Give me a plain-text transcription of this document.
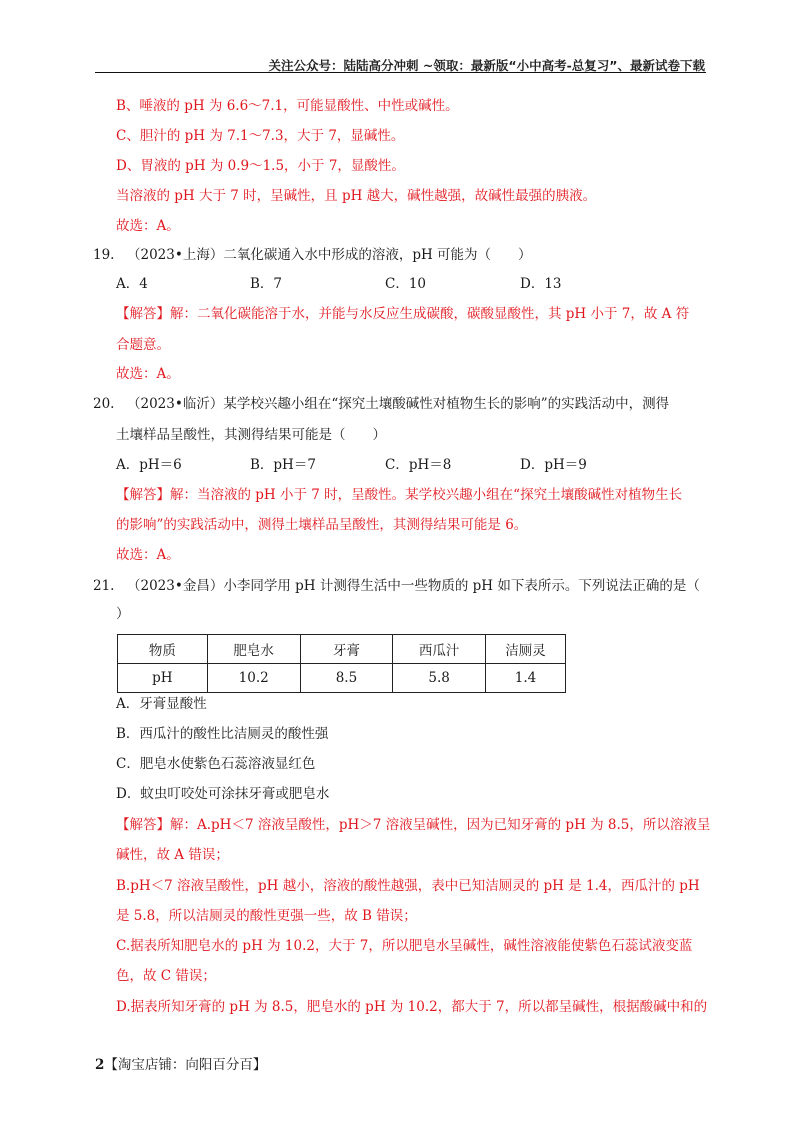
关注公众号：陆陆高分冲刺 ~领取：最新版“小中高考-总复习”、最新试卷下载
B、唾液的 pH 为 6.6～7.1，可能显酸性、中性或碱性。
C、胆汁的 pH 为 7.1～7.3，大于 7，显碱性。
D、胃液的 pH 为 0.9～1.5，小于 7，显酸性。
当溶液的 pH 大于 7 时，呈碱性，且 pH 越大，碱性越强，故碱性最强的胰液。
故选：A。
19. （2023•上海）二氧化碳通入水中形成的溶液，pH 可能为（　　）
A．4	B．7	C．10	D．13
【解答】解：二氧化碳能溶于水，并能与水反应生成碳酸，碳酸显酸性，其 pH 小于 7，故 A 符
合题意。
故选：A。
20. （2023•临沂）某学校兴趣小组在“探究土壤酸碱性对植物生长的影响”的实践活动中，测得
土壤样品呈酸性，其测得结果可能是（　　）
A．pH＝6	B．pH＝7	C．pH＝8	D．pH＝9
【解答】解：当溶液的 pH 小于 7 时，呈酸性。某学校兴趣小组在“探究土壤酸碱性对植物生长
的影响”的实践活动中，测得土壤样品呈酸性，其测得结果可能是 6。
故选：A。
21. （2023•金昌）小李同学用 pH 计测得生活中一些物质的 pH 如下表所示。下列说法正确的是（
）
物质	肥皂水	牙膏	西瓜汁	洁厕灵
pH	10.2	8.5	5.8	1.4
A．牙膏显酸性
B．西瓜汁的酸性比洁厕灵的酸性强
C．肥皂水使紫色石蕊溶液显红色
D．蚊虫叮咬处可涂抹牙膏或肥皂水
【解答】解：A.pH＜7 溶液呈酸性，pH＞7 溶液呈碱性，因为已知牙膏的 pH 为 8.5，所以溶液呈
碱性，故 A 错误；
B.pH＜7 溶液呈酸性，pH 越小，溶液的酸性越强，表中已知洁厕灵的 pH 是 1.4，西瓜汁的 pH
是 5.8，所以洁厕灵的酸性更强一些，故 B 错误；
C.据表所知肥皂水的 pH 为 10.2，大于 7，所以肥皂水呈碱性，碱性溶液能使紫色石蕊试液变蓝
色，故 C 错误；
D.据表所知牙膏的 pH 为 8.5，肥皂水的 pH 为 10.2，都大于 7，所以都呈碱性，根据酸碱中和的
2【淘宝店铺：向阳百分百】
